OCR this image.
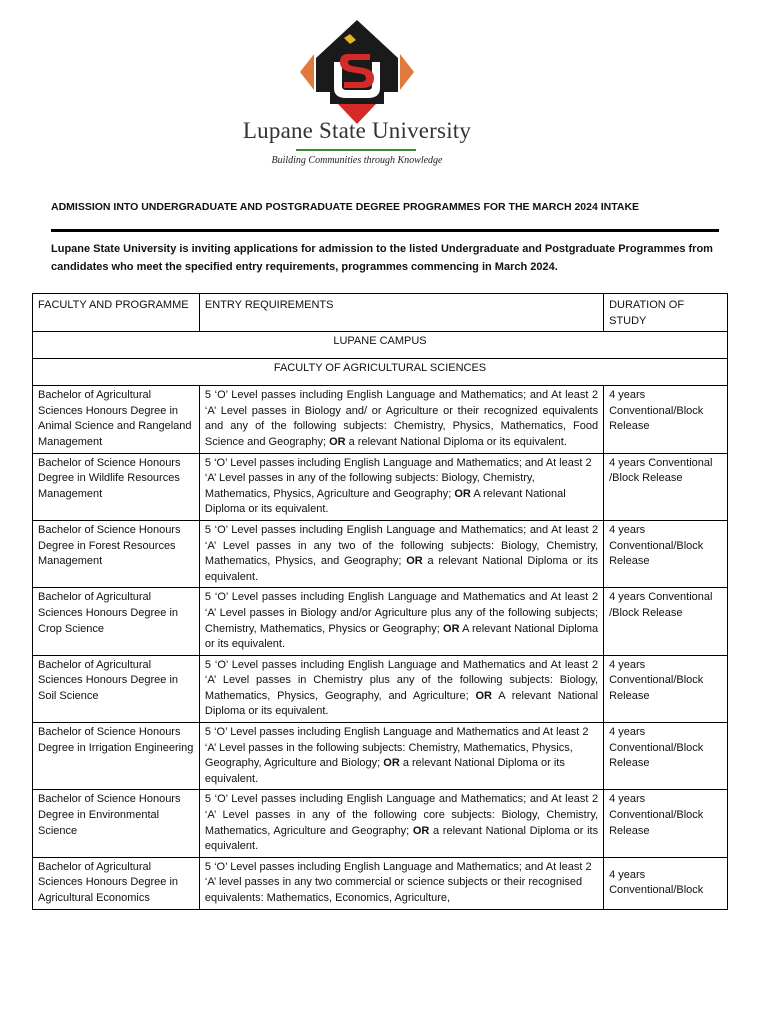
Lupane State University
Building Communities through Knowledge
ADMISSION INTO UNDERGRADUATE AND POSTGRADUATE DEGREE PROGRAMMES FOR THE MARCH 2024 INTAKE
Lupane State University is inviting applications for admission to the listed Undergraduate and Postgraduate Programmes from candidates who meet the specified entry requirements, programmes commencing in March 2024.
FACULTY AND PROGRAMME	ENTRY REQUIREMENTS	DURATION OF STUDY
LUPANE CAMPUS		
FACULTY OF AGRICULTURAL SCIENCES		
Bachelor of Agricultural Sciences Honours Degree in Animal Science and Rangeland Management	5 ‘O’ Level passes including English Language and Mathematics; and At least 2 ‘A’ Level passes in Biology and/ or Agriculture or their recognized equivalents and any of the following subjects: Chemistry, Physics, Mathematics, Food Science and Geography; OR a relevant National Diploma or its equivalent.	4 years Conventional/Block Release
Bachelor of Science Honours Degree in Wildlife Resources Management	5 ‘O’ Level passes including English Language and Mathematics; and At least 2 ‘A’ Level passes in any of the following subjects: Biology, Chemistry, Mathematics, Physics, Agriculture and Geography; OR A relevant National Diploma or its equivalent.	4 years Conventional /Block Release
Bachelor of Science Honours Degree in Forest Resources Management	5 ‘O’ Level passes including English Language and Mathematics; and At least 2 ‘A’ Level passes in any two of the following subjects: Biology, Chemistry, Mathematics, Physics, and Geography; OR a relevant National Diploma or its equivalent.	4 years Conventional/Block Release
Bachelor of Agricultural Sciences Honours Degree in Crop Science	5 ‘O’ Level passes including English Language and Mathematics and At least 2 ‘A’ Level passes in Biology and/or Agriculture plus any of the following subjects; Chemistry, Mathematics, Physics or Geography; OR A relevant National Diploma or its equivalent.	4 years Conventional /Block Release
Bachelor of Agricultural Sciences Honours Degree in Soil Science	5 ‘O’ Level passes including English Language and Mathematics and At least 2 ‘A’ Level passes in Chemistry plus any of the following subjects: Biology, Mathematics, Physics, Geography, and Agriculture; OR A relevant National Diploma or its equivalent.	4 years Conventional/Block Release
Bachelor of Science Honours Degree in Irrigation Engineering	5 ‘O’ Level passes including English Language and Mathematics and At least 2 ‘A’ Level passes in the following subjects: Chemistry, Mathematics, Physics, Geography, Agriculture and Biology; OR a relevant National Diploma or its equivalent.	4 years Conventional/Block Release
Bachelor of Science Honours Degree in Environmental Science	5 ‘O’ Level passes including English Language and Mathematics; and At least 2 ‘A’ Level passes in any of the following core subjects: Biology, Chemistry, Mathematics, Agriculture and Geography; OR a relevant National Diploma or its equivalent.	4 years Conventional/Block Release
Bachelor of Agricultural Sciences Honours Degree in Agricultural Economics	5 ‘O’ Level passes including English Language and Mathematics; and At least 2 ‘A’ level passes in any two commercial or science subjects or their recognised equivalents: Mathematics, Economics, Agriculture,	4 years Conventional/Block
